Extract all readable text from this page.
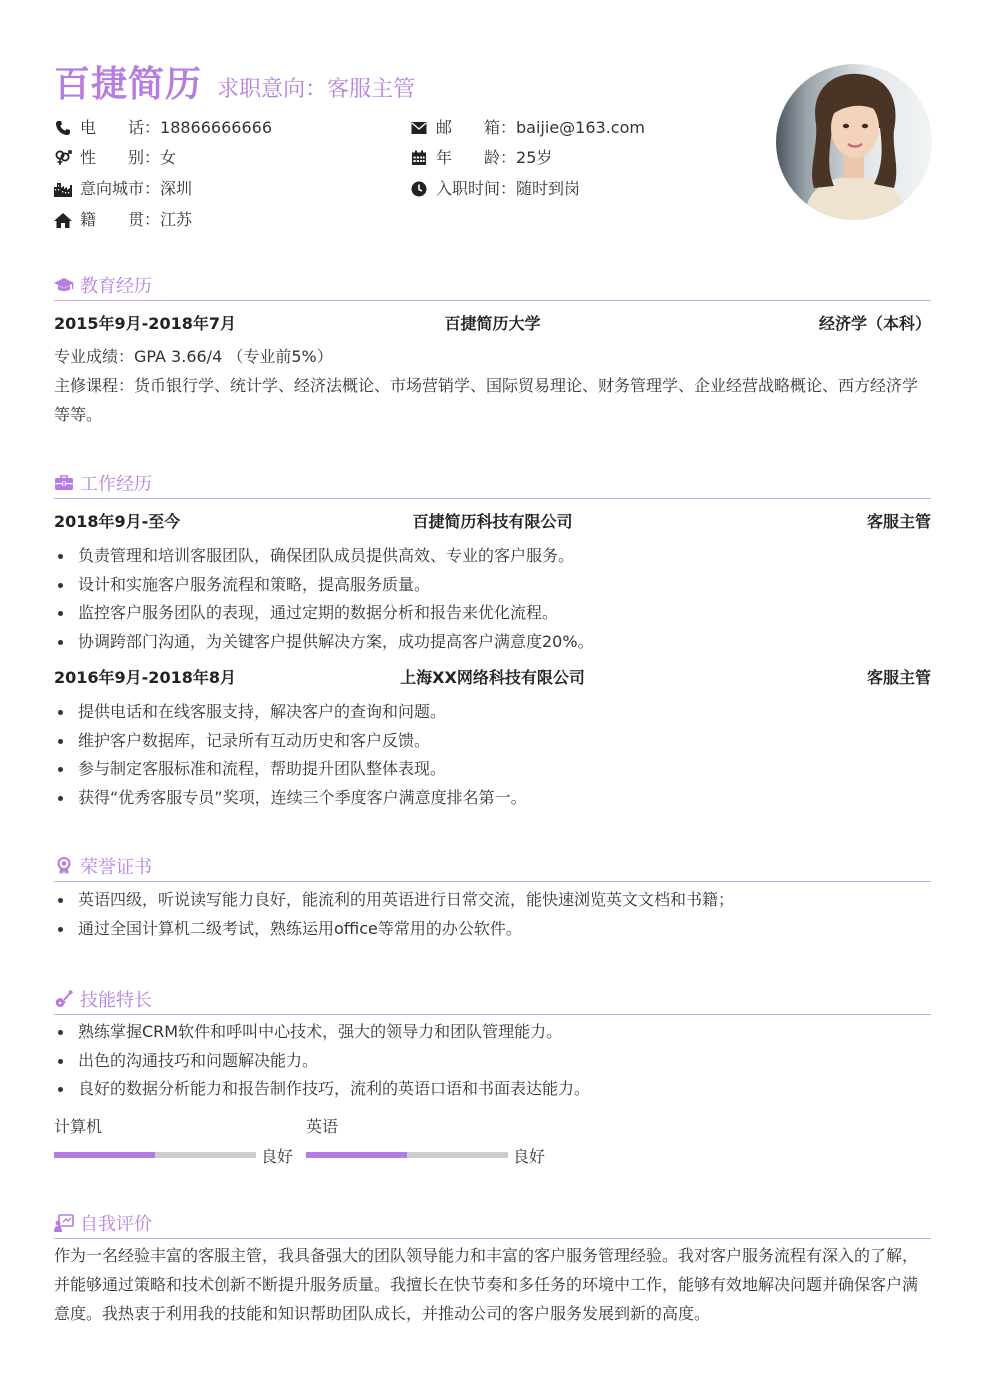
百捷简历 求职意向：客服主管
电　　话： 18866666666	邮　　箱： baijie@163.com
性　　别： 女	年　　龄： 25岁
意向城市： 深圳	入职时间： 随时到岗
籍　　贯： 江苏
教育经历
2015年9月-2018年7月	百捷简历大学	经济学（本科）
专业成绩：GPA 3.66/4 （专业前5%）
主修课程：货币银行学、统计学、经济法概论、市场营销学、国际贸易理论、财务管理学、企业经营战略概论、西方经济学等等。
工作经历
2018年9月-至今	百捷简历科技有限公司	客服主管
负责管理和培训客服团队，确保团队成员提供高效、专业的客户服务。
设计和实施客户服务流程和策略，提高服务质量。
监控客户服务团队的表现，通过定期的数据分析和报告来优化流程。
协调跨部门沟通，为关键客户提供解决方案，成功提高客户满意度20%。
2016年9月-2018年8月	上海XX网络科技有限公司	客服主管
提供电话和在线客服支持，解决客户的查询和问题。
维护客户数据库，记录所有互动历史和客户反馈。
参与制定客服标准和流程，帮助提升团队整体表现。
获得“优秀客服专员”奖项，连续三个季度客户满意度排名第一。
荣誉证书
英语四级，听说读写能力良好，能流利的用英语进行日常交流，能快速浏览英文文档和书籍；
通过全国计算机二级考试，熟练运用office等常用的办公软件。
技能特长
熟练掌握CRM软件和呼叫中心技术，强大的领导力和团队管理能力。
出色的沟通技巧和问题解决能力。
良好的数据分析能力和报告制作技巧，流利的英语口语和书面表达能力。
计算机
良好
英语
良好
自我评价
作为一名经验丰富的客服主管，我具备强大的团队领导能力和丰富的客户服务管理经验。我对客户服务流程有深入的了解，并能够通过策略和技术创新不断提升服务质量。我擅长在快节奏和多任务的环境中工作，能够有效地解决问题并确保客户满意度。我热衷于利用我的技能和知识帮助团队成长，并推动公司的客户服务发展到新的高度。
